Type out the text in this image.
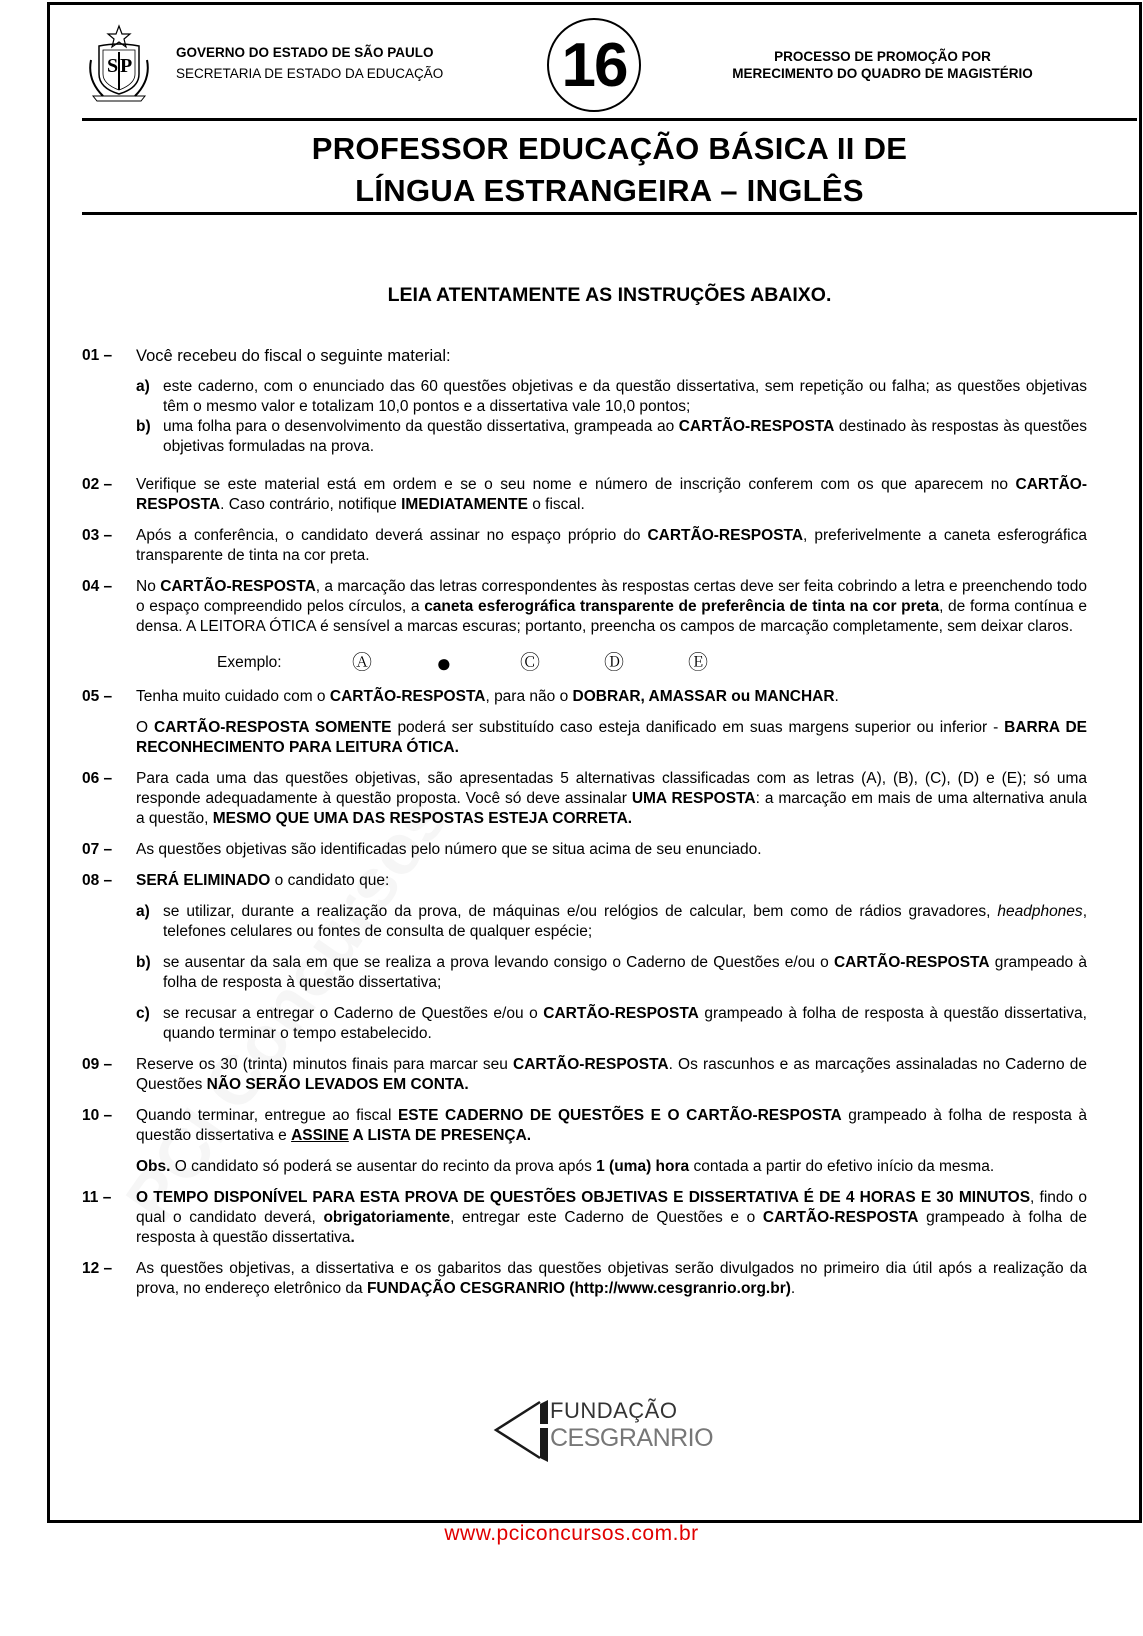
S P
GOVERNO DO ESTADO DE SÃO PAULO
SECRETARIA DE ESTADO DA EDUCAÇÃO 16	PROCESSO DE PROMOÇÃO POR
MERECIMENTO DO QUADRO DE MAGISTÉRIO
PROFESSOR EDUCAÇÃO BÁSICA II DE
LÍNGUA ESTRANGEIRA – INGLÊS
LEIA ATENTAMENTE AS INSTRUÇÕES ABAIXO.
01 –	Você recebeu do fiscal o seguinte material:
a) este caderno, com o enunciado das 60 questões objetivas e da questão dissertativa, sem repetição ou falha; as questões objetivas têm o mesmo valor e totalizam 10,0 pontos e a dissertativa vale 10,0 pontos;
b) uma folha para o desenvolvimento da questão dissertativa, grampeada ao CARTÃO-RESPOSTA destinado às respostas às questões objetivas formuladas na prova.
02 –	Verifique se este material está em ordem e se o seu nome e número de inscrição conferem com os que aparecem no CARTÃO-RESPOSTA. Caso contrário, notifique IMEDIATAMENTE o fiscal.
03 –	Após a conferência, o candidato deverá assinar no espaço próprio do CARTÃO-RESPOSTA, preferivelmente a caneta esferográfica transparente de tinta na cor preta.
04 –	No CARTÃO-RESPOSTA, a marcação das letras correspondentes às respostas certas deve ser feita cobrindo a letra e preenchendo todo o espaço compreendido pelos círculos, a caneta esferográfica transparente de preferência de tinta na cor preta, de forma contínua e densa. A LEITORA ÓTICA é sensível a marcas escuras; portanto, preencha os campos de marcação completamente, sem deixar claros.
Exemplo:	Ⓐ	●	Ⓒ	Ⓓ	Ⓔ
05 –	Tenha muito cuidado com o CARTÃO-RESPOSTA, para não o DOBRAR, AMASSAR ou MANCHAR.
O CARTÃO-RESPOSTA SOMENTE poderá ser substituído caso esteja danificado em suas margens superior ou inferior - BARRA DE RECONHECIMENTO PARA LEITURA ÓTICA.
06 –	Para cada uma das questões objetivas, são apresentadas 5 alternativas classificadas com as letras (A), (B), (C), (D) e (E); só uma responde adequadamente à questão proposta. Você só deve assinalar UMA RESPOSTA: a marcação em mais de uma alternativa anula a questão, MESMO QUE UMA DAS RESPOSTAS ESTEJA CORRETA.
07 –	As questões objetivas são identificadas pelo número que se situa acima de seu enunciado.
08 –	SERÁ ELIMINADO o candidato que:
a) se utilizar, durante a realização da prova, de máquinas e/ou relógios de calcular, bem como de rádios gravadores, headphones, telefones celulares ou fontes de consulta de qualquer espécie;
b) se ausentar da sala em que se realiza a prova levando consigo o Caderno de Questões e/ou o CARTÃO-RESPOSTA grampeado à folha de resposta à questão dissertativa;
c) se recusar a entregar o Caderno de Questões e/ou o CARTÃO-RESPOSTA grampeado à folha de resposta à questão dissertativa, quando terminar o tempo estabelecido.
09 –	Reserve os 30 (trinta) minutos finais para marcar seu CARTÃO-RESPOSTA. Os rascunhos e as marcações assinaladas no Caderno de Questões NÃO SERÃO LEVADOS EM CONTA.
10 –	Quando terminar, entregue ao fiscal ESTE CADERNO DE QUESTÕES E O CARTÃO-RESPOSTA grampeado à folha de resposta à questão dissertativa e ASSINE A LISTA DE PRESENÇA.
Obs. O candidato só poderá se ausentar do recinto da prova após 1 (uma) hora contada a partir do efetivo início da mesma.
11 –	O TEMPO DISPONÍVEL PARA ESTA PROVA DE QUESTÕES OBJETIVAS E DISSERTATIVA É DE 4 HORAS E 30 MINUTOS, findo o qual o candidato deverá, obrigatoriamente, entregar este Caderno de Questões e o CARTÃO-RESPOSTA grampeado à folha de resposta à questão dissertativa.
12 –	As questões objetivas, a dissertativa e os gabaritos das questões objetivas serão divulgados no primeiro dia útil após a realização da prova, no endereço eletrônico da FUNDAÇÃO CESGRANRIO (http://www.cesgranrio.org.br).
FUNDAÇÃO
CESGRANRIO
www.pciconcursos.com.br
